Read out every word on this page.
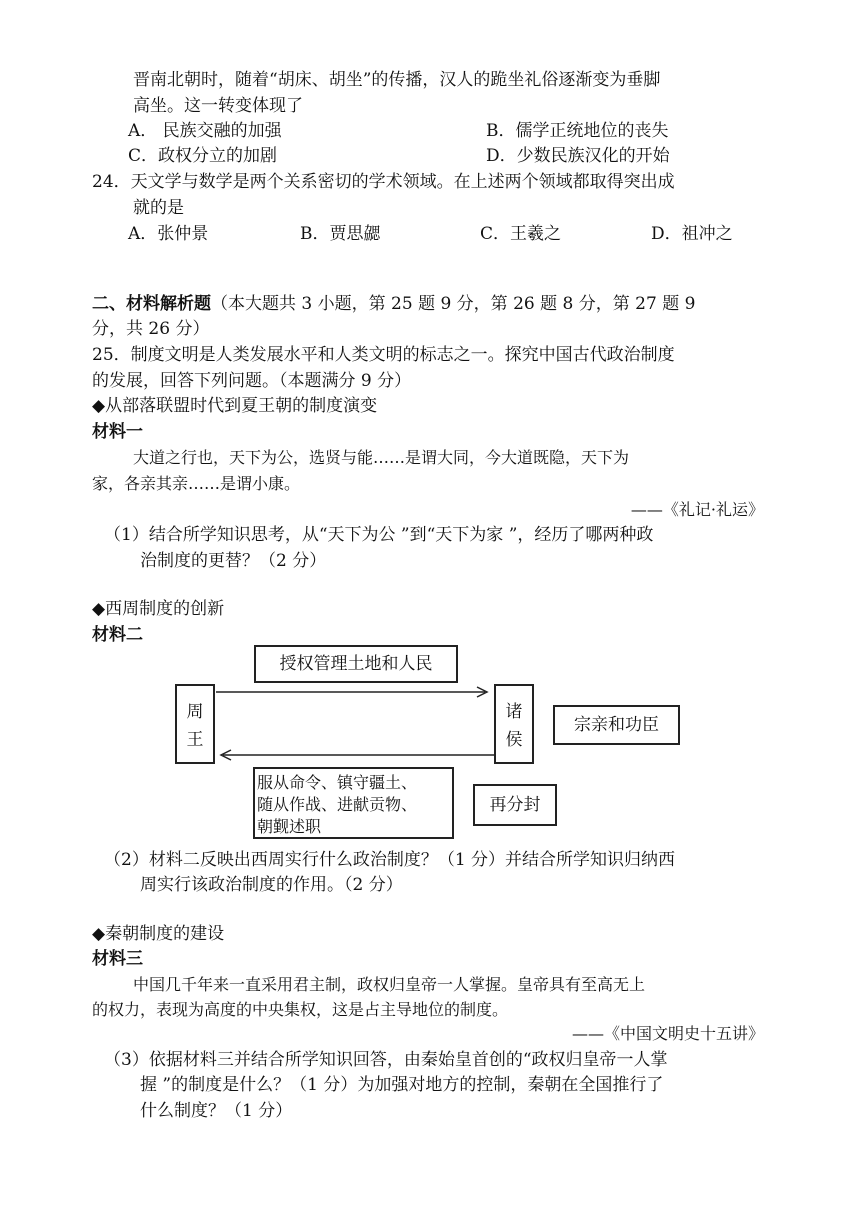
晋南北朝时，随着“胡床、胡坐”的传播，汉人的跪坐礼俗逐渐变为垂脚
高坐。这一转变体现了
A． 民族交融的加强	B．儒学正统地位的丧失
C．政权分立的加剧	D．少数民族汉化的开始
24．天文学与数学是两个关系密切的学术领域。在上述两个领域都取得突出成
就的是
A．张仲景	B．贾思勰	C．王羲之	D．祖冲之
二、材料解析题（本大题共 3 小题，第 25 题 9 分，第 26 题 8 分，第 27 题 9
分，共 26 分）
25．制度文明是人类发展水平和人类文明的标志之一。探究中国古代政治制度
的发展，回答下列问题。（本题满分 9 分）
◆从部落联盟时代到夏王朝的制度演变
材料一
大道之行也，天下为公，选贤与能……是谓大同，今大道既隐，天下为
家，各亲其亲……是谓小康。
——《礼记·礼运》
（1）结合所学知识思考，从“天下为公 ”到“天下为家 ”，经历了哪两种政
治制度的更替？（2 分）
◆西周制度的创新
材料二
授权管理土地和人民
周
王
诸
侯
宗亲和功臣
服从命令、镇守疆土、
随从作战、进献贡物、
朝觐述职
再分封
（2）材料二反映出西周实行什么政治制度？（1 分）并结合所学知识归纳西
周实行该政治制度的作用。（2 分）
◆秦朝制度的建设
材料三
中国几千年来一直采用君主制，政权归皇帝一人掌握。皇帝具有至高无上
的权力，表现为高度的中央集权，这是占主导地位的制度。
——《中国文明史十五讲》
（3）依据材料三并结合所学知识回答，由秦始皇首创的“政权归皇帝一人掌
握 ”的制度是什么？（1 分）为加强对地方的控制，秦朝在全国推行了
什么制度？（1 分）
